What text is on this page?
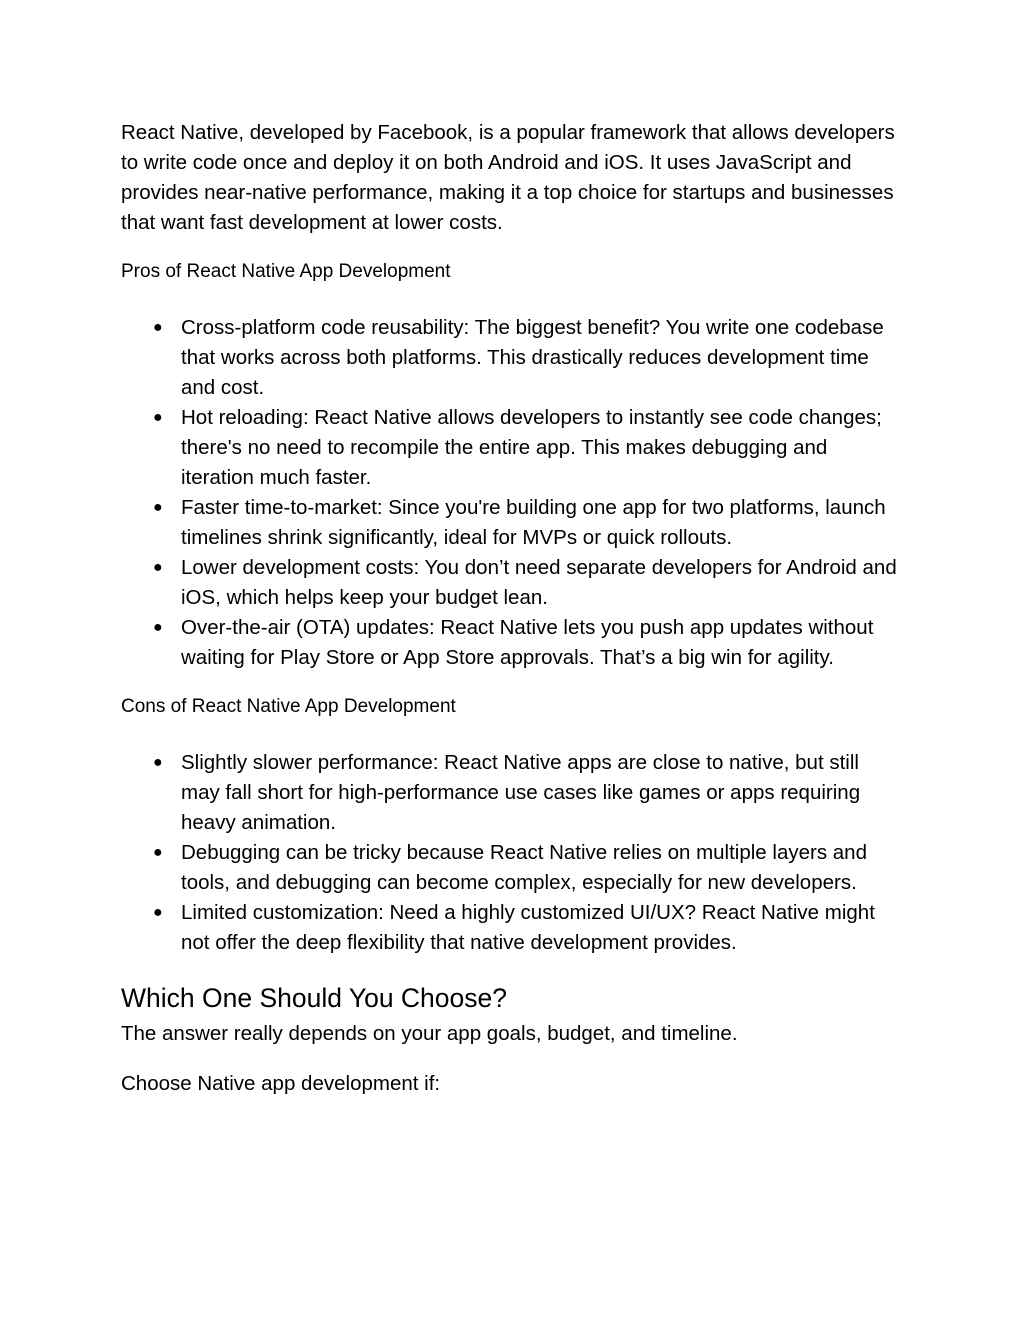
React Native, developed by Facebook, is a popular framework that allows developers to write code once and deploy it on both Android and iOS. It uses JavaScript and provides near-native performance, making it a top choice for startups and businesses that want fast development at lower costs.

Pros of React Native App Development

● Cross-platform code reusability: The biggest benefit? You write one codebase that works across both platforms. This drastically reduces development time and cost.
● Hot reloading: React Native allows developers to instantly see code changes; there's no need to recompile the entire app. This makes debugging and iteration much faster.
● Faster time-to-market: Since you're building one app for two platforms, launch timelines shrink significantly, ideal for MVPs or quick rollouts.
● Lower development costs: You don’t need separate developers for Android and iOS, which helps keep your budget lean.
● Over-the-air (OTA) updates: React Native lets you push app updates without waiting for Play Store or App Store approvals. That’s a big win for agility.

Cons of React Native App Development

● Slightly slower performance: React Native apps are close to native, but still may fall short for high-performance use cases like games or apps requiring heavy animation.
● Debugging can be tricky because React Native relies on multiple layers and tools, and debugging can become complex, especially for new developers.
● Limited customization: Need a highly customized UI/UX? React Native might not offer the deep flexibility that native development provides.
Which One Should You Choose?

The answer really depends on your app goals, budget, and timeline.

Choose Native app development if:
